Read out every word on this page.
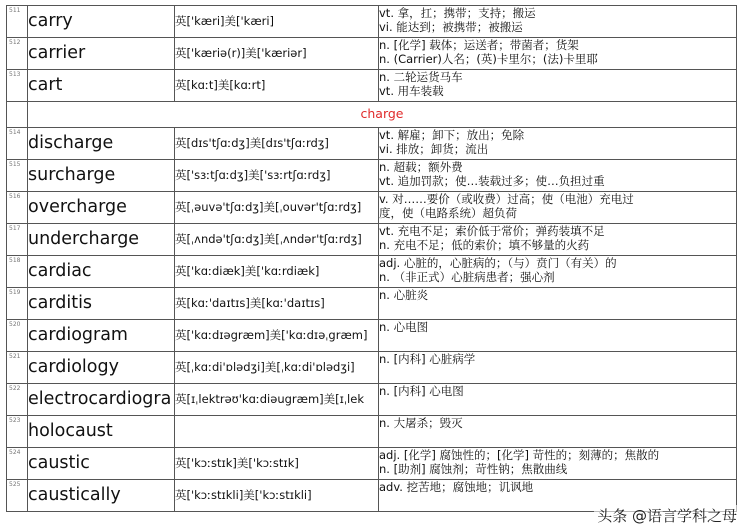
511	carry	英['kæri]美['kæri]	vt. 拿，扛；携带；支持；搬运
vi. 能达到；被携带；被搬运

512	carrier	英['kæriə(r)]美['kæriər]	n. [化学] 载体；运送者；带菌者；货架
n. (Carrier)人名；(英)卡里尔；(法)卡里耶

513	cart	英[kɑːt]美[kɑːrt]	n. 二轮运货马车
vt. 用车装载

	charge		

514	discharge	英[dɪs'tʃɑːdʒ]美[dɪs'tʃɑːrdʒ]	vt. 解雇；卸下；放出；免除
vi. 排放；卸货；流出

515	surcharge	英['sɜːtʃɑːdʒ]美['sɜːrtʃɑːrdʒ]	n. 超载；额外费
vt. 追加罚款；使…装载过多；使…负担过重

516	overcharge	英[ˌəuvə'tʃɑːdʒ]美[ˌouvər'tʃɑːrdʒ]	v. 对……要价（或收费）过高；使（电池）充电过
度，使（电路系统）超负荷

517	undercharge	英[ˌʌndə'tʃɑːdʒ]美[ˌʌndər'tʃɑːrdʒ]	vt. 充电不足；索价低于常价；弹药装填不足
n. 充电不足；低的索价；填不够量的火药

518	cardiac	英['kɑːdiæk]美['kɑːrdiæk]	adj. 心脏的，心脏病的；（与）贲门（有关）的
n. （非正式）心脏病患者；强心剂

519	carditis	英[kɑː'daɪtɪs]美[kɑː'daɪtɪs]	n. 心脏炎

520	cardiogram	英['kɑːdɪəgræm]美['kɑːdɪəˌgræm]	n. 心电图

521	cardiology	英[ˌkɑːdi'ɒlədʒi]美[ˌkɑːdi'ɒlədʒi]	n. [内科] 心脏病学

522	electrocardiogra	英[ɪˌlektrəʊ'kɑːdiəugræm]美[ɪˌlek	n. [内科] 心电图

523	holocaust		n. 大屠杀；毁灭

524	caustic	英['kɔːstɪk]美['kɔːstɪk]	adj. [化学] 腐蚀性的；[化学] 苛性的；刻薄的；焦散的
n. [助剂] 腐蚀剂；苛性钠；焦散曲线

525	caustically	英['kɔːstɪkli]美['kɔːstɪkli]	adv. 挖苦地；腐蚀地；讥讽地
头条 @语言学科之母
